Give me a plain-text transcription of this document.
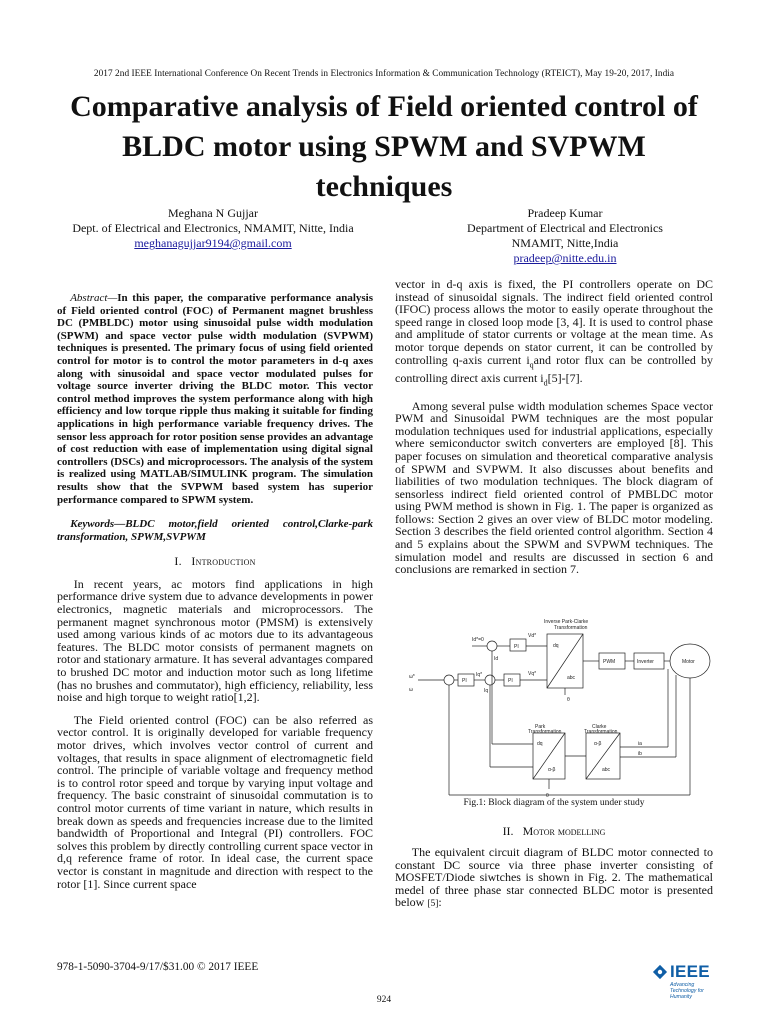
2017 2nd IEEE International Conference On Recent Trends in Electronics Information & Communication Technology (RTEICT), May 19-20, 2017, India
Comparative analysis of Field oriented control of
BLDC motor using SPWM and SVPWM
techniques
Meghana N Gujjar
Dept. of Electrical and Electronics, NMAMIT, Nitte, India
meghanagujjar9194@gmail.com
Pradeep Kumar
Department of Electrical and Electronics
NMAMIT, Nitte,India
pradeep@nitte.edu.in

Abstract—In this paper, the comparative performance analysis of Field oriented control (FOC) of Permanent magnet brushless DC (PMBLDC) motor using sinusoidal pulse width modulation (SPWM) and space vector pulse width modulation (SVPWM) techniques is presented. The primary focus of using field oriented control for motor is to control the motor parameters in d-q axes along with sinusoidal and space vector modulated pulses for voltage source inverter driving the BLDC motor. This vector control method improves the system performance along with high efficiency and low torque ripple thus making it suitable for finding applications in high performance variable frequency drives. The sensor less approach for rotor position sense provides an advantage of cost reduction with ease of implementation using digital signal controllers (DSCs) and microprocessors. The analysis of the system is realized using MATLAB/SIMULINK program. The simulation results show that the SVPWM based system has superior performance compared to SPWM system.

Keywords—BLDC motor,field oriented control,Clarke-park transformation, SPWM,SVPWM

I. Introduction

In recent years, ac motors find applications in high performance drive system due to advance developments in power electronics, magnetic materials and microprocessors. The permanent magnet synchronous motor (PMSM) is extensively used among various kinds of ac motors due to its advantageous features. The BLDC motor consists of permanent magnets on rotor and stationary armature. It has several advantages compared to brushed DC motor and induction motor such as long lifetime (has no brushes and commutator), high efficiency, reliability, less noise and high torque to weight ratio[1,2].

The Field oriented control (FOC) can be also referred as vector control. It is originally developed for variable frequency motor drives, which involves vector control of current and voltages, that results in space alignment of electromagnetic field control. The principle of variable voltage and frequency method is to control rotor speed and torque by varying input voltage and frequency. The basic constraint of sinusoidal commutation is to control motor currents of time variant in nature, which results in break down as speeds and frequencies increase due to the limited bandwidth of Proportional and Integral (PI) controllers. FOC solves this problem by directly controlling current space vector in d,q reference frame of rotor. In ideal case, the current space vector is constant in magnitude and direction with respect to the rotor [1]. Since current space

vector in d-q axis is fixed, the PI controllers operate on DC instead of sinusoidal signals. The indirect field oriented control (IFOC) process allows the motor to easily operate throughout the speed range in closed loop mode [3, 4]. It is used to control phase and amplitude of stator currents or voltage at the mean time. As motor torque depends on stator current, it can be controlled by controlling q-axis current $i_qand$ rotor flux can be controlled by controlling direct axis current $i_d[5]-[7]$.

Among several pulse width modulation schemes Space vector PWM and Sinusoidal PWM techniques are the most popular modulation techniques used for industrial applications, especially where semiconductor switch converters are employed [8]. This paper focuses on simulation and theoretical comparative analysis of SPWM and SVPWM. It also discusses about benefits and liabilities of two modulation techniques. The block diagram of sensorless indirect field oriented control of PMBLDC motor using PWM method is shown in Fig. 1. The paper is organized as follows: Section 2 gives an over view of BLDC motor modeling. Section 3 describes the field oriented control algorithm. Section 4 and 5 explains about the SPWM and SVPWM techniques. The simulation model and results are discussed in section 6 and conclusions are remarked in section 7.

Inverse Park-Clarke
Transformation
PI
PI	PI
PWM	Inverter	Motor
dq
abc
Park
Transformation
Clarke
Transformation
dq
α-β
α-β
abc
Id*=0
Vd*
Vq*
Iq*
ω*
ω	Iq
Id
ia
ib
θ
θ
Fig.1: Block diagram of the system under study
II. Motor modelling
The equivalent circuit diagram of BLDC motor connected to constant DC source via three phase inverter consisting of MOSFET/Diode siwtches is shown in Fig. 2. The mathematical medel of three phase star connected BLDC motor is presented below [5]:
978-1-5090-3704-9/17/$31.00 © 2017 IEEE
924
IEEE
Advancing Technology for Humanity
